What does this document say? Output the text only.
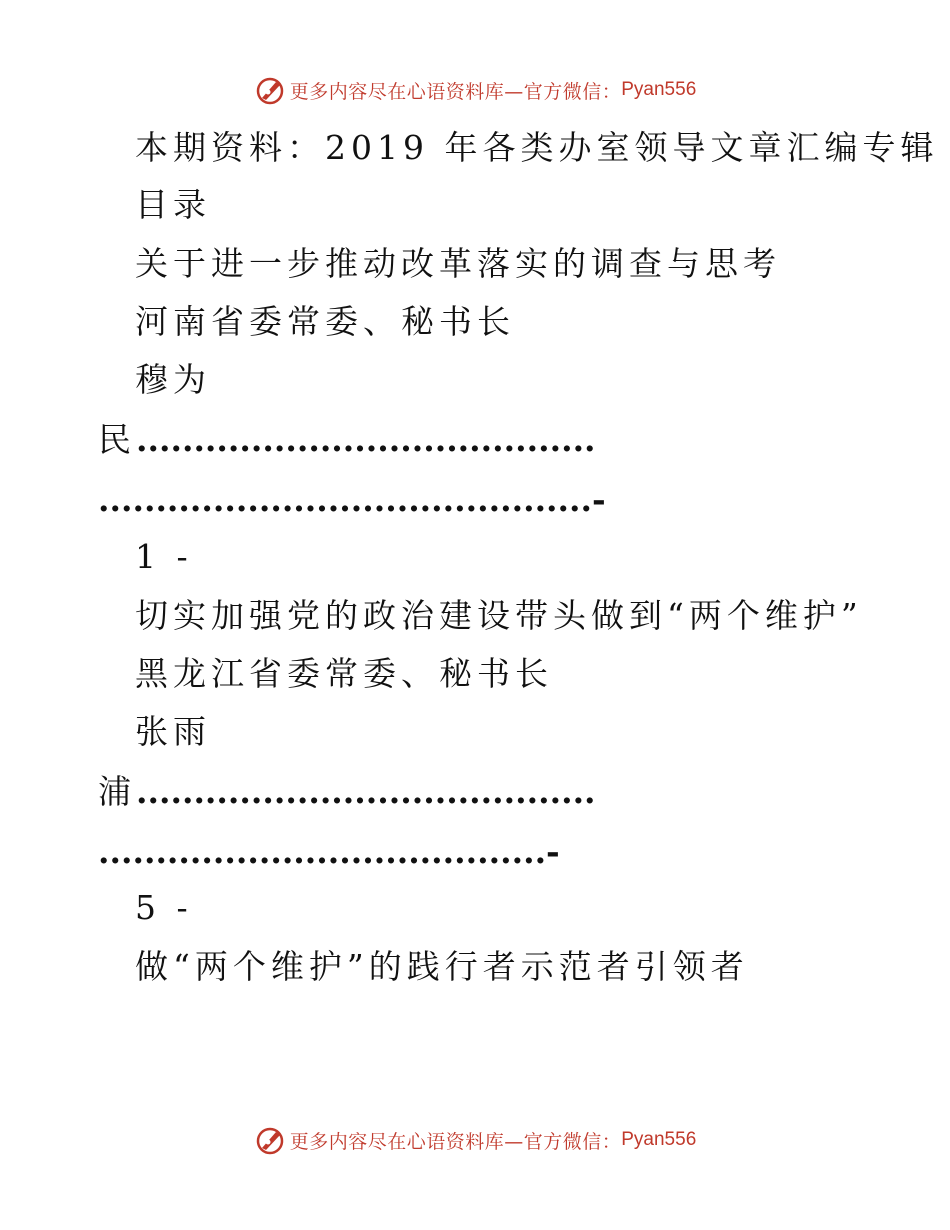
更多内容尽在心语资料库—官方微信： Pyan556
本期资料：2019 年各类办室领导文章汇编专辑
目录
关于进一步推动改革落实的调查与思考
河南省委常委、秘书长
穆为
民........................................
...........................................-
1 -
切实加强党的政治建设带头做到“两个维护”
黑龙江省委常委、秘书长
张雨
浦........................................
.......................................-
5 -
做“两个维护”的践行者示范者引领者
更多内容尽在心语资料库—官方微信： Pyan556
